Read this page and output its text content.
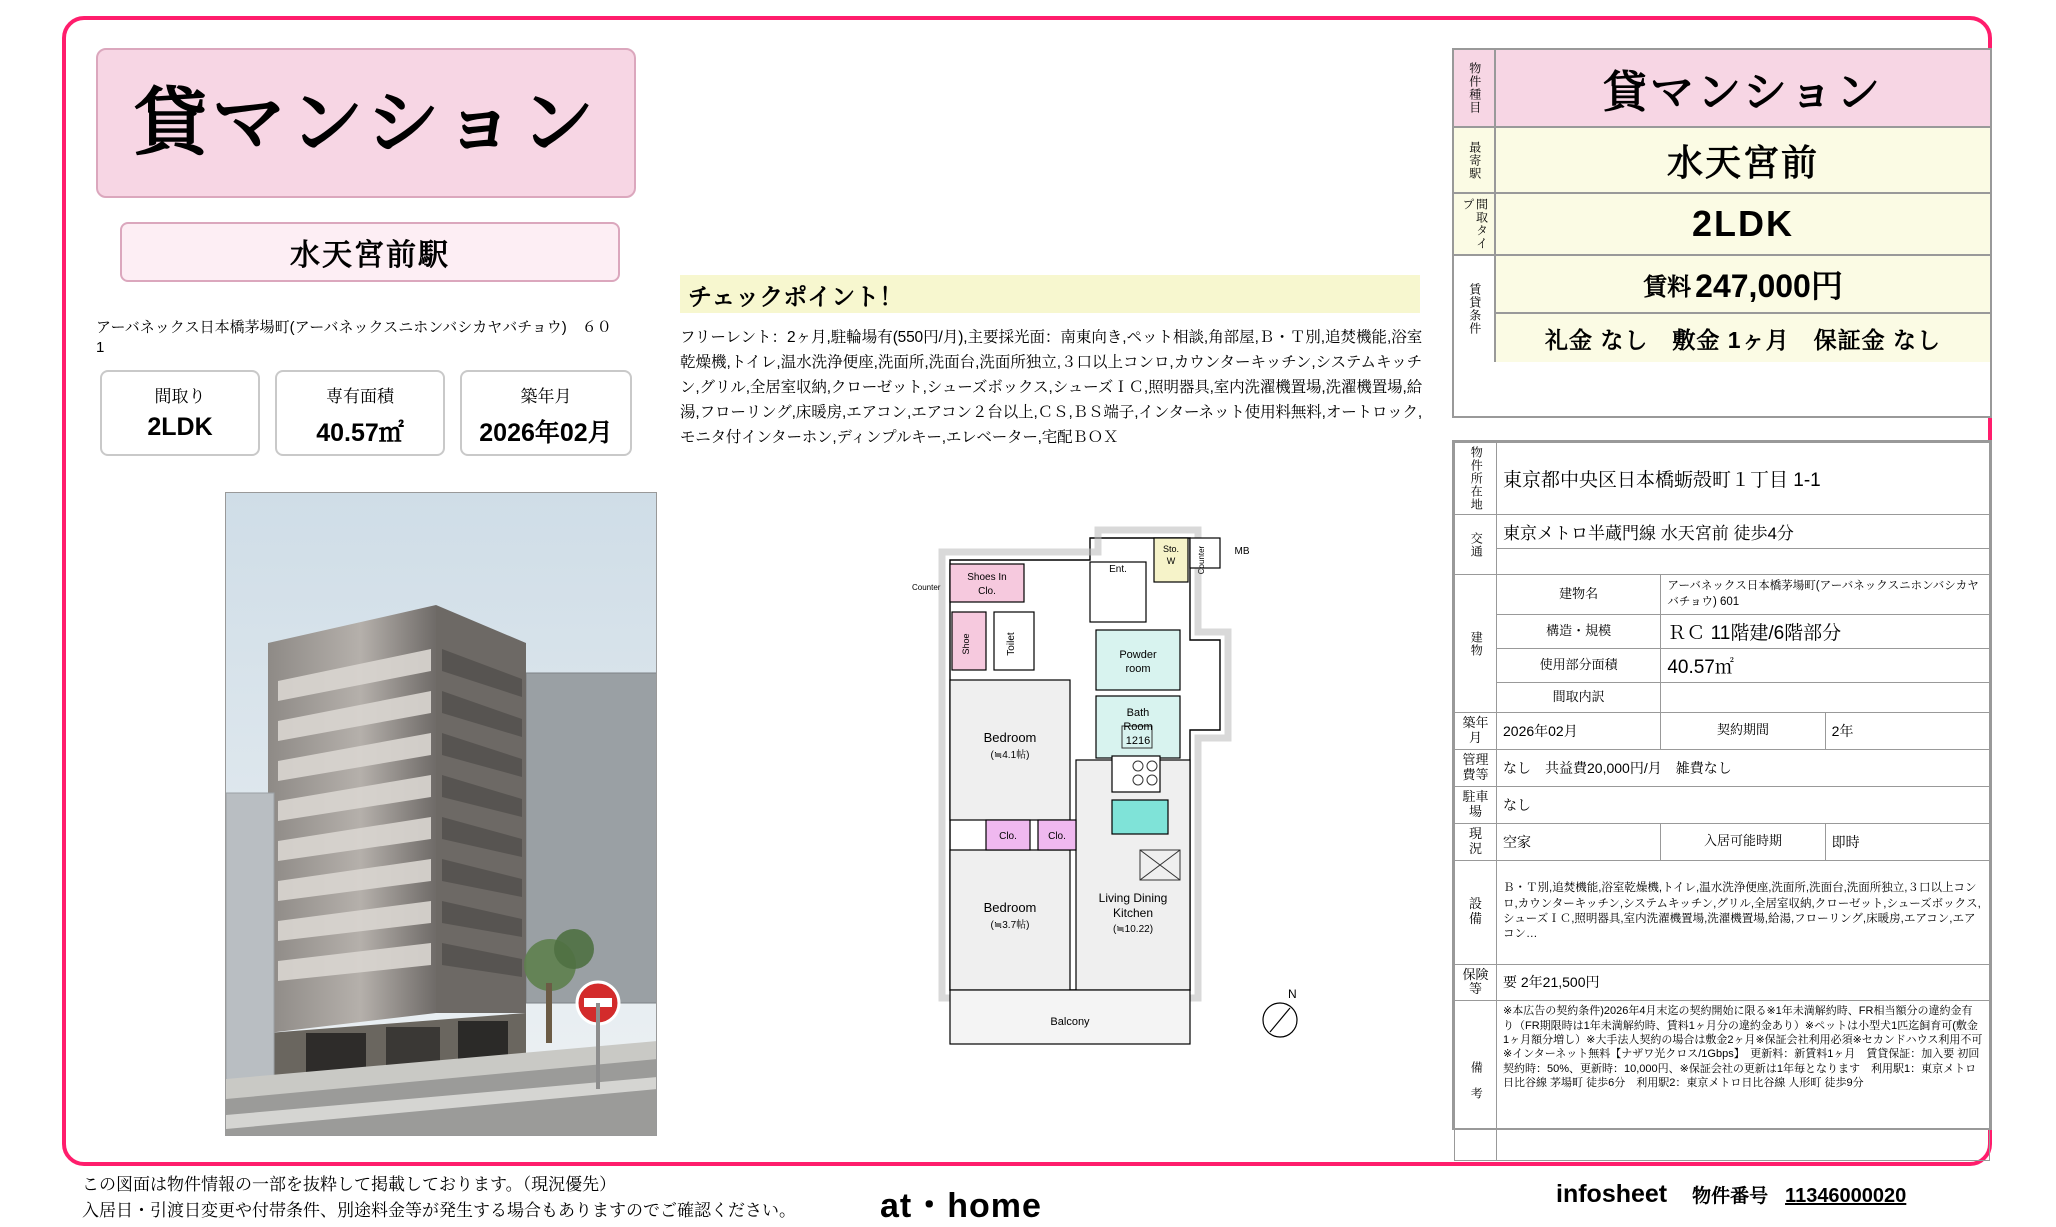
貸マンション
水天宮前駅
アーバネックス日本橋茅場町(アーバネックスニホンバシカヤバチョウ)　６０
1
間取り
2LDK
専有面積
40.57㎡
築年月
2026年02月
チェックポイント！
フリーレント：2ヶ月,駐輪場有(550円/月),主要採光面：南東向き,ペット相談,角部屋,Ｂ・Ｔ別,追焚機能,浴室乾燥機,トイレ,温水洗浄便座,洗面所,洗面台,洗面所独立,３口以上コンロ,カウンターキッチン,システムキッチン,グリル,全居室収納,クローゼット,シューズボックス,シューズＩＣ,照明器具,室内洗濯機置場,洗濯機置場,給湯,フローリング,床暖房,エアコン,エアコン２台以上,ＣＳ,ＢＳ端子,インターネット使用料無料,オートロック,モニタ付インターホン,ディンプルキー,エレベーター,宅配ＢＯＸ
Shoes In
Clo.
Shoe	Toilet
Ent.
Sto.
W	Counter	MB
Powder
room
Bath
Room
1216
Bedroom
(≒4.1帖)
Bedroom
(≒3.7帖)
Living Dining
Kitchen
(≒10.22)
Clo.	Clo.
Balcony
Counter
N
物件種目	貸マンション
最寄駅	水天宮前
間取タイプ	2LDK
賃貸条件	賃料 247,000円
礼金 なし　敷金 1ヶ月　保証金 なし
物件所在地	東京都中央区日本橋蛎殻町１丁目 1-1		
交通	東京メトロ半蔵門線 水天宮前 徒歩4分		

建物	建物名	アーバネックス日本橋茅場町(アーバネックスニホンバシカヤバチョウ) 601	
	構造・規模	ＲＣ 11階建/6階部分	
	使用部分面積	40.57㎡	
	間取内訳		
築年月	2026年02月	契約期間	2年
管理費等	なし　共益費20,000円/月　雑費なし		
駐車場	なし		
現　況	空家	入居可能時期	即時
設　備	Ｂ・Ｔ別,追焚機能,浴室乾燥機,トイレ,温水洗浄便座,洗面所,洗面台,洗面所独立,３口以上コンロ,カウンターキッチン,システムキッチン,グリル,全居室収納,クローゼット,シューズボックス,シューズＩＣ,照明器具,室内洗濯機置場,洗濯機置場,給湯,フローリング,床暖房,エアコン,エアコン…		
保険等	要 2年21,500円		
備　考	※本広告の契約条件)2026年4月末迄の契約開始に限る※1年未満解約時、FR相当額分の違約金有り（FR期限時は1年未満解約時、賃料1ヶ月分の違約金あり）※ペットは小型犬1匹迄飼育可(敷金1ヶ月額分増し）※大手法人契約の場合は敷金2ヶ月※保証会社利用必須※セカンドハウス利用不可※インターネット無料【ナザワ光クロス/1Gbps】　更新料：新賃料1ヶ月　賃貸保証：加入要 初回契約時：50%、更新時：10,000円、※保証会社の更新は1年毎となります　利用駅1：東京メトロ日比谷線 茅場町 徒歩6分　利用駅2：東京メトロ日比谷線 人形町 徒歩9分		
この図面は物件情報の一部を抜粋して掲載しております。（現況優先）
入居日・引渡日変更や付帯条件、別途料金等が発生する場合もありますのでご確認ください。	at・home	infosheet 物件番号 11346000020
